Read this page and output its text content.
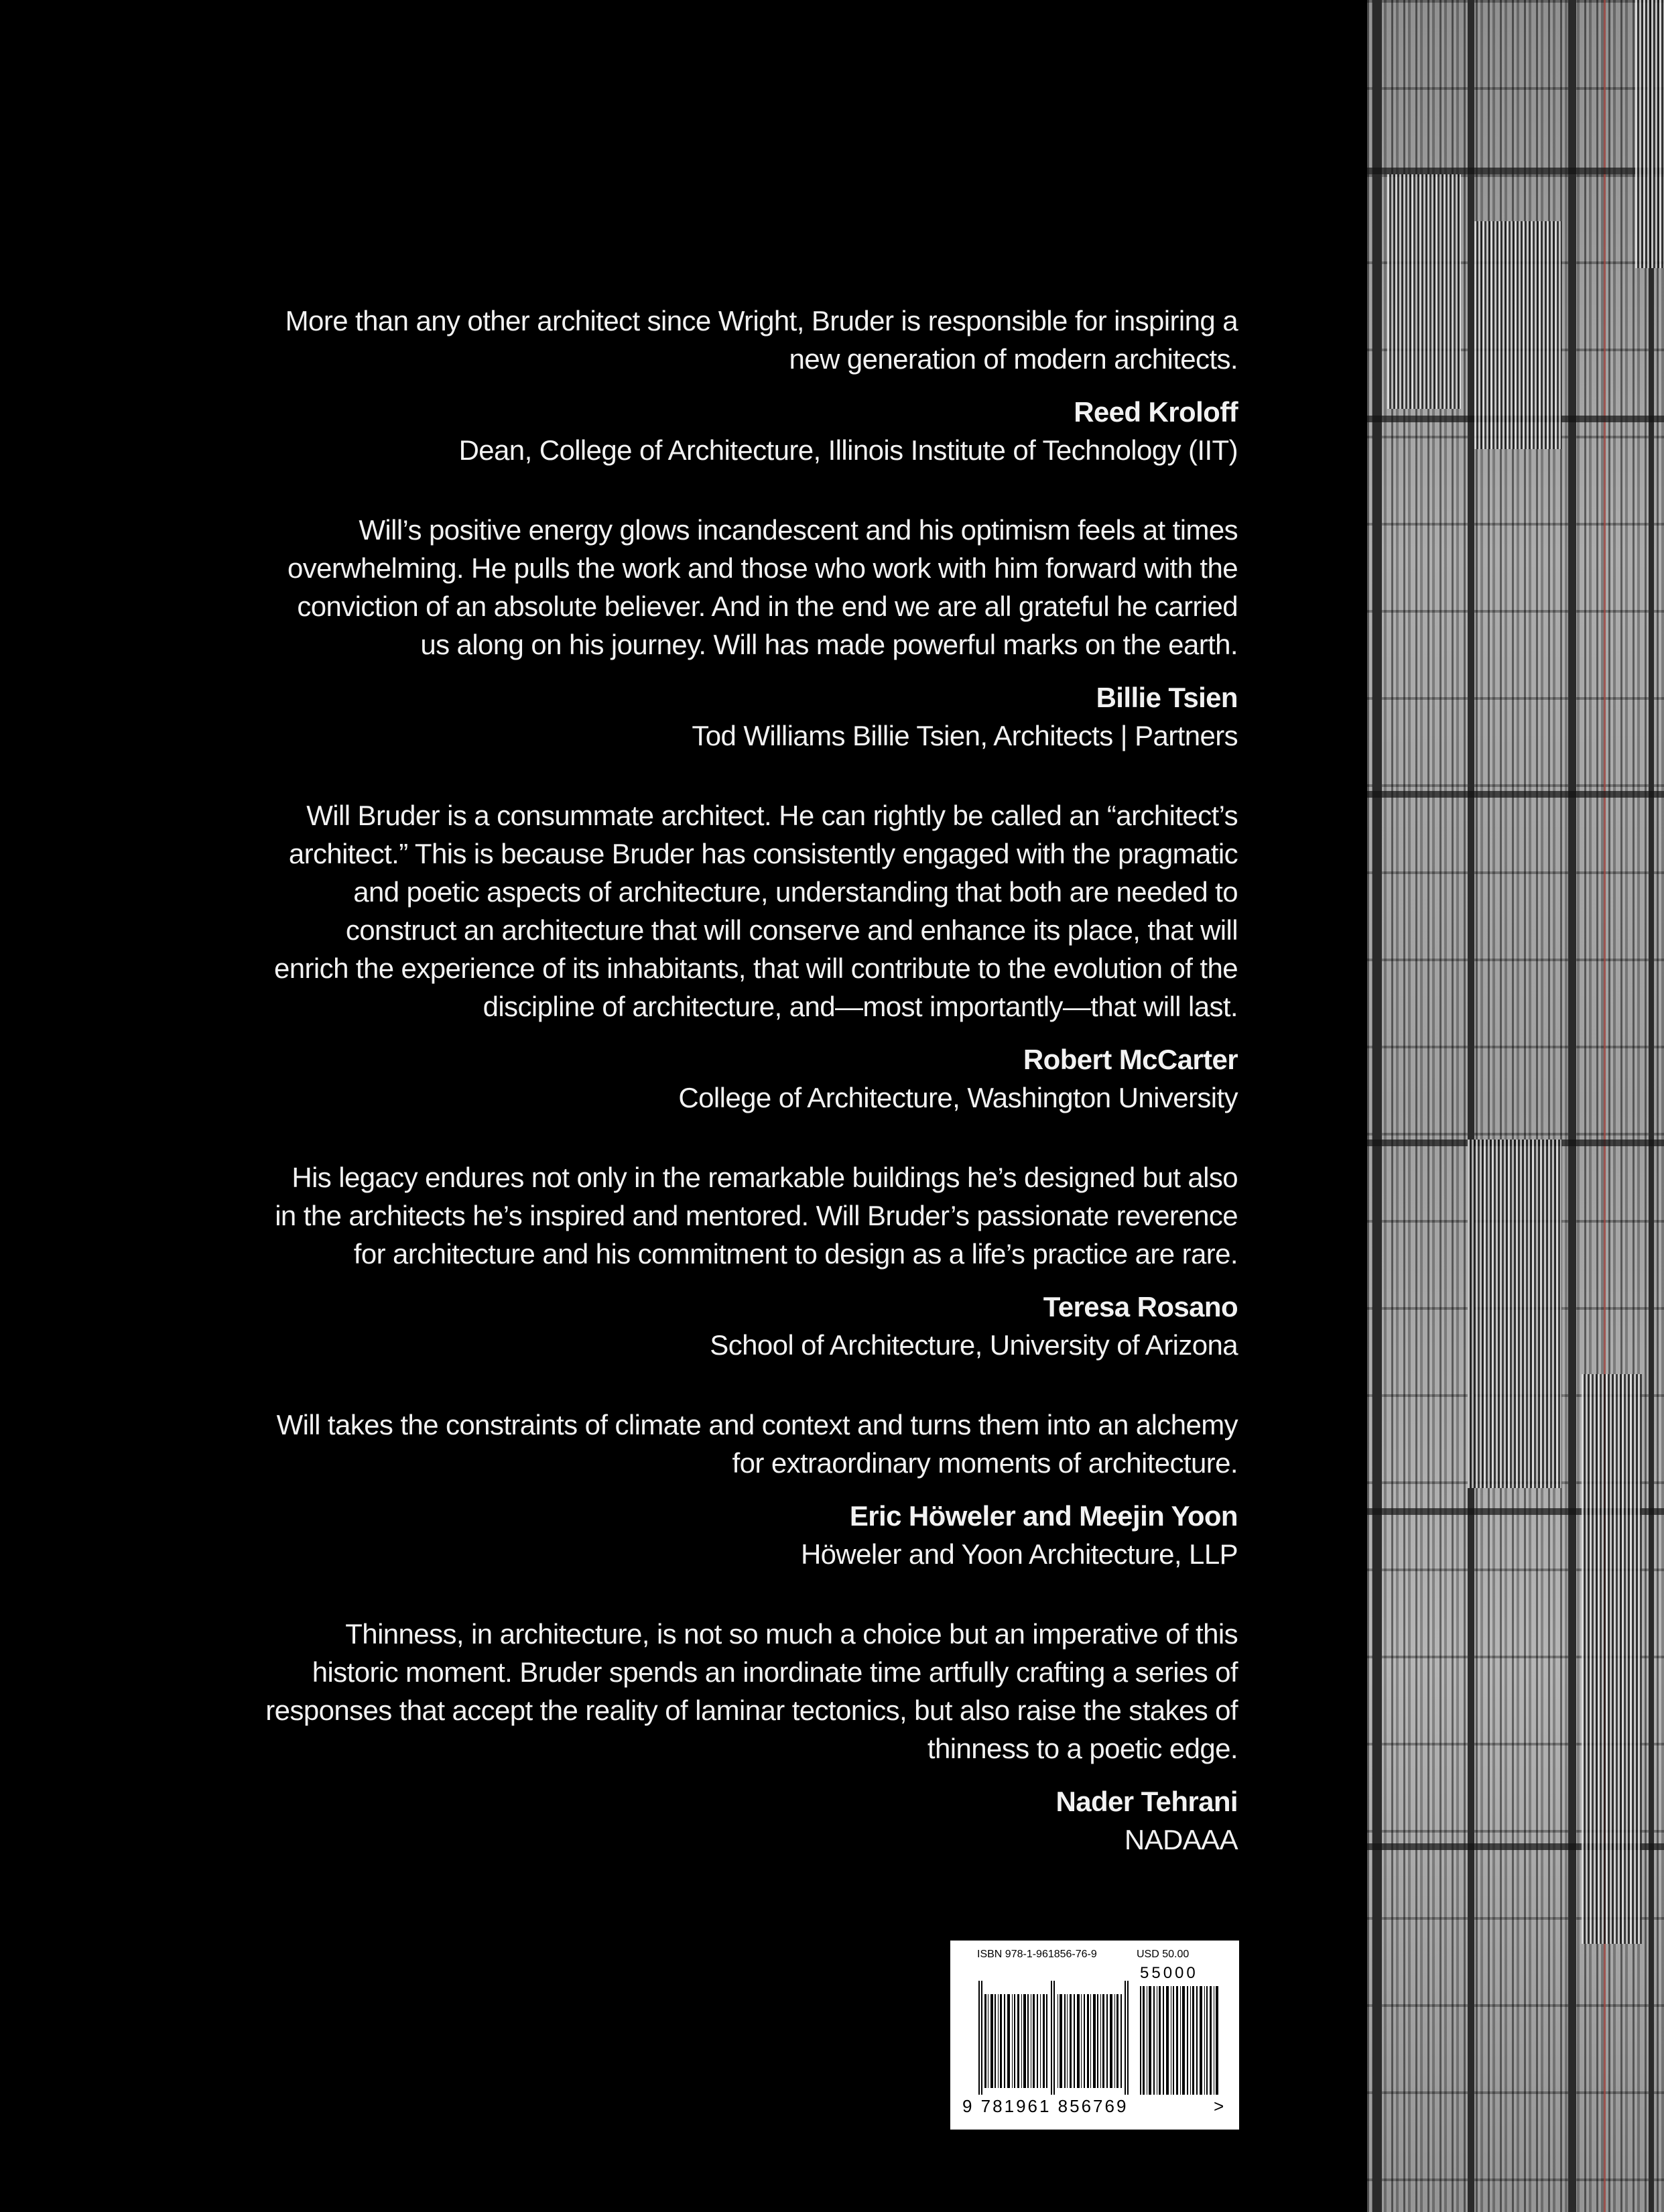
More than any other architect since Wright, Bruder is responsible for inspiring a new generation of modern architects.

Reed Kroloff

Dean, College of Architecture, Illinois Institute of Technology (IIT)

Will’s positive energy glows incandescent and his optimism feels at times overwhelming. He pulls the work and those who work with him forward with the conviction of an absolute believer. And in the end we are all grateful he carried us along on his journey. Will has made powerful marks on the earth.

Billie Tsien

Tod Williams Billie Tsien, Architects | Partners

Will Bruder is a consummate architect. He can rightly be called an “architect’s architect.” This is because Bruder has consistently engaged with the pragmatic and poetic aspects of architecture, understanding that both are needed to construct an architecture that will conserve and enhance its place, that will enrich the experience of its inhabitants, that will contribute to the evolution of the discipline of architecture, and—most importantly—that will last.

Robert McCarter

College of Architecture, Washington University

His legacy endures not only in the remarkable buildings he’s designed but also in the architects he’s inspired and mentored. Will Bruder’s passionate reverence for architecture and his commitment to design as a life’s practice are rare.

Teresa Rosano

School of Architecture, University of Arizona

Will takes the constraints of climate and context and turns them into an alchemy for extraordinary moments of architecture.

Eric Höweler and Meejin Yoon

Höweler and Yoon Architecture, LLP

Thinness, in architecture, is not so much a choice but an imperative of this historic moment. Bruder spends an inordinate time artfully crafting a series of responses that accept the reality of laminar tectonics, but also raise the stakes of thinness to a poetic edge.

Nader Tehrani

NADAAA

ISBN 978-1-961856-76-9	USD 50.00
55000
9 781961 856769	>
